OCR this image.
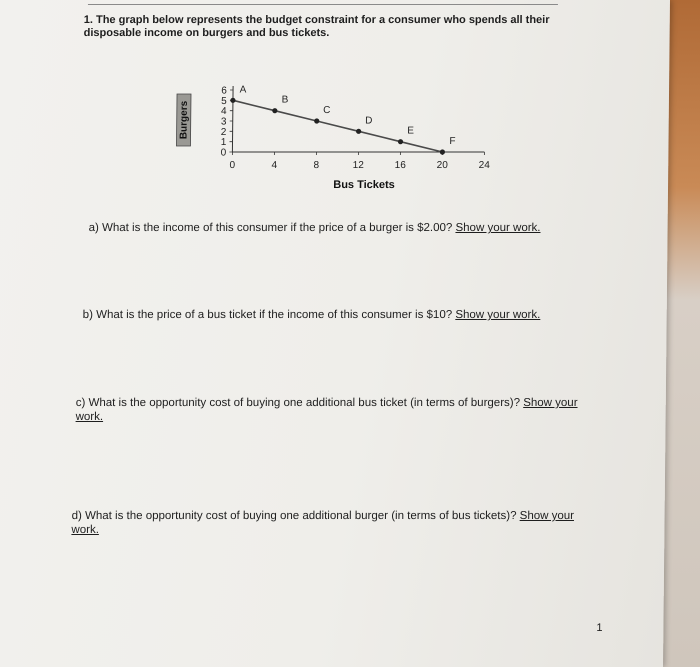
1. The graph below represents the budget constraint for a consumer who spends all their disposable income on burgers and bus tickets.
Burgers
6
5
4
3
2
1
0
0	4	8	12	16	20	24
A
B
C
D
E
F
Bus Tickets
a) What is the income of this consumer if the price of a burger is $2.00? Show your work.
​
b) What is the price of a bus ticket if the income of this consumer is $10? Show your work.
c) What is the opportunity cost of buying one additional bus ticket (in terms of burgers)? Show your work.
d) What is the opportunity cost of buying one additional burger (in terms of bus tickets)? Show your work.
1
